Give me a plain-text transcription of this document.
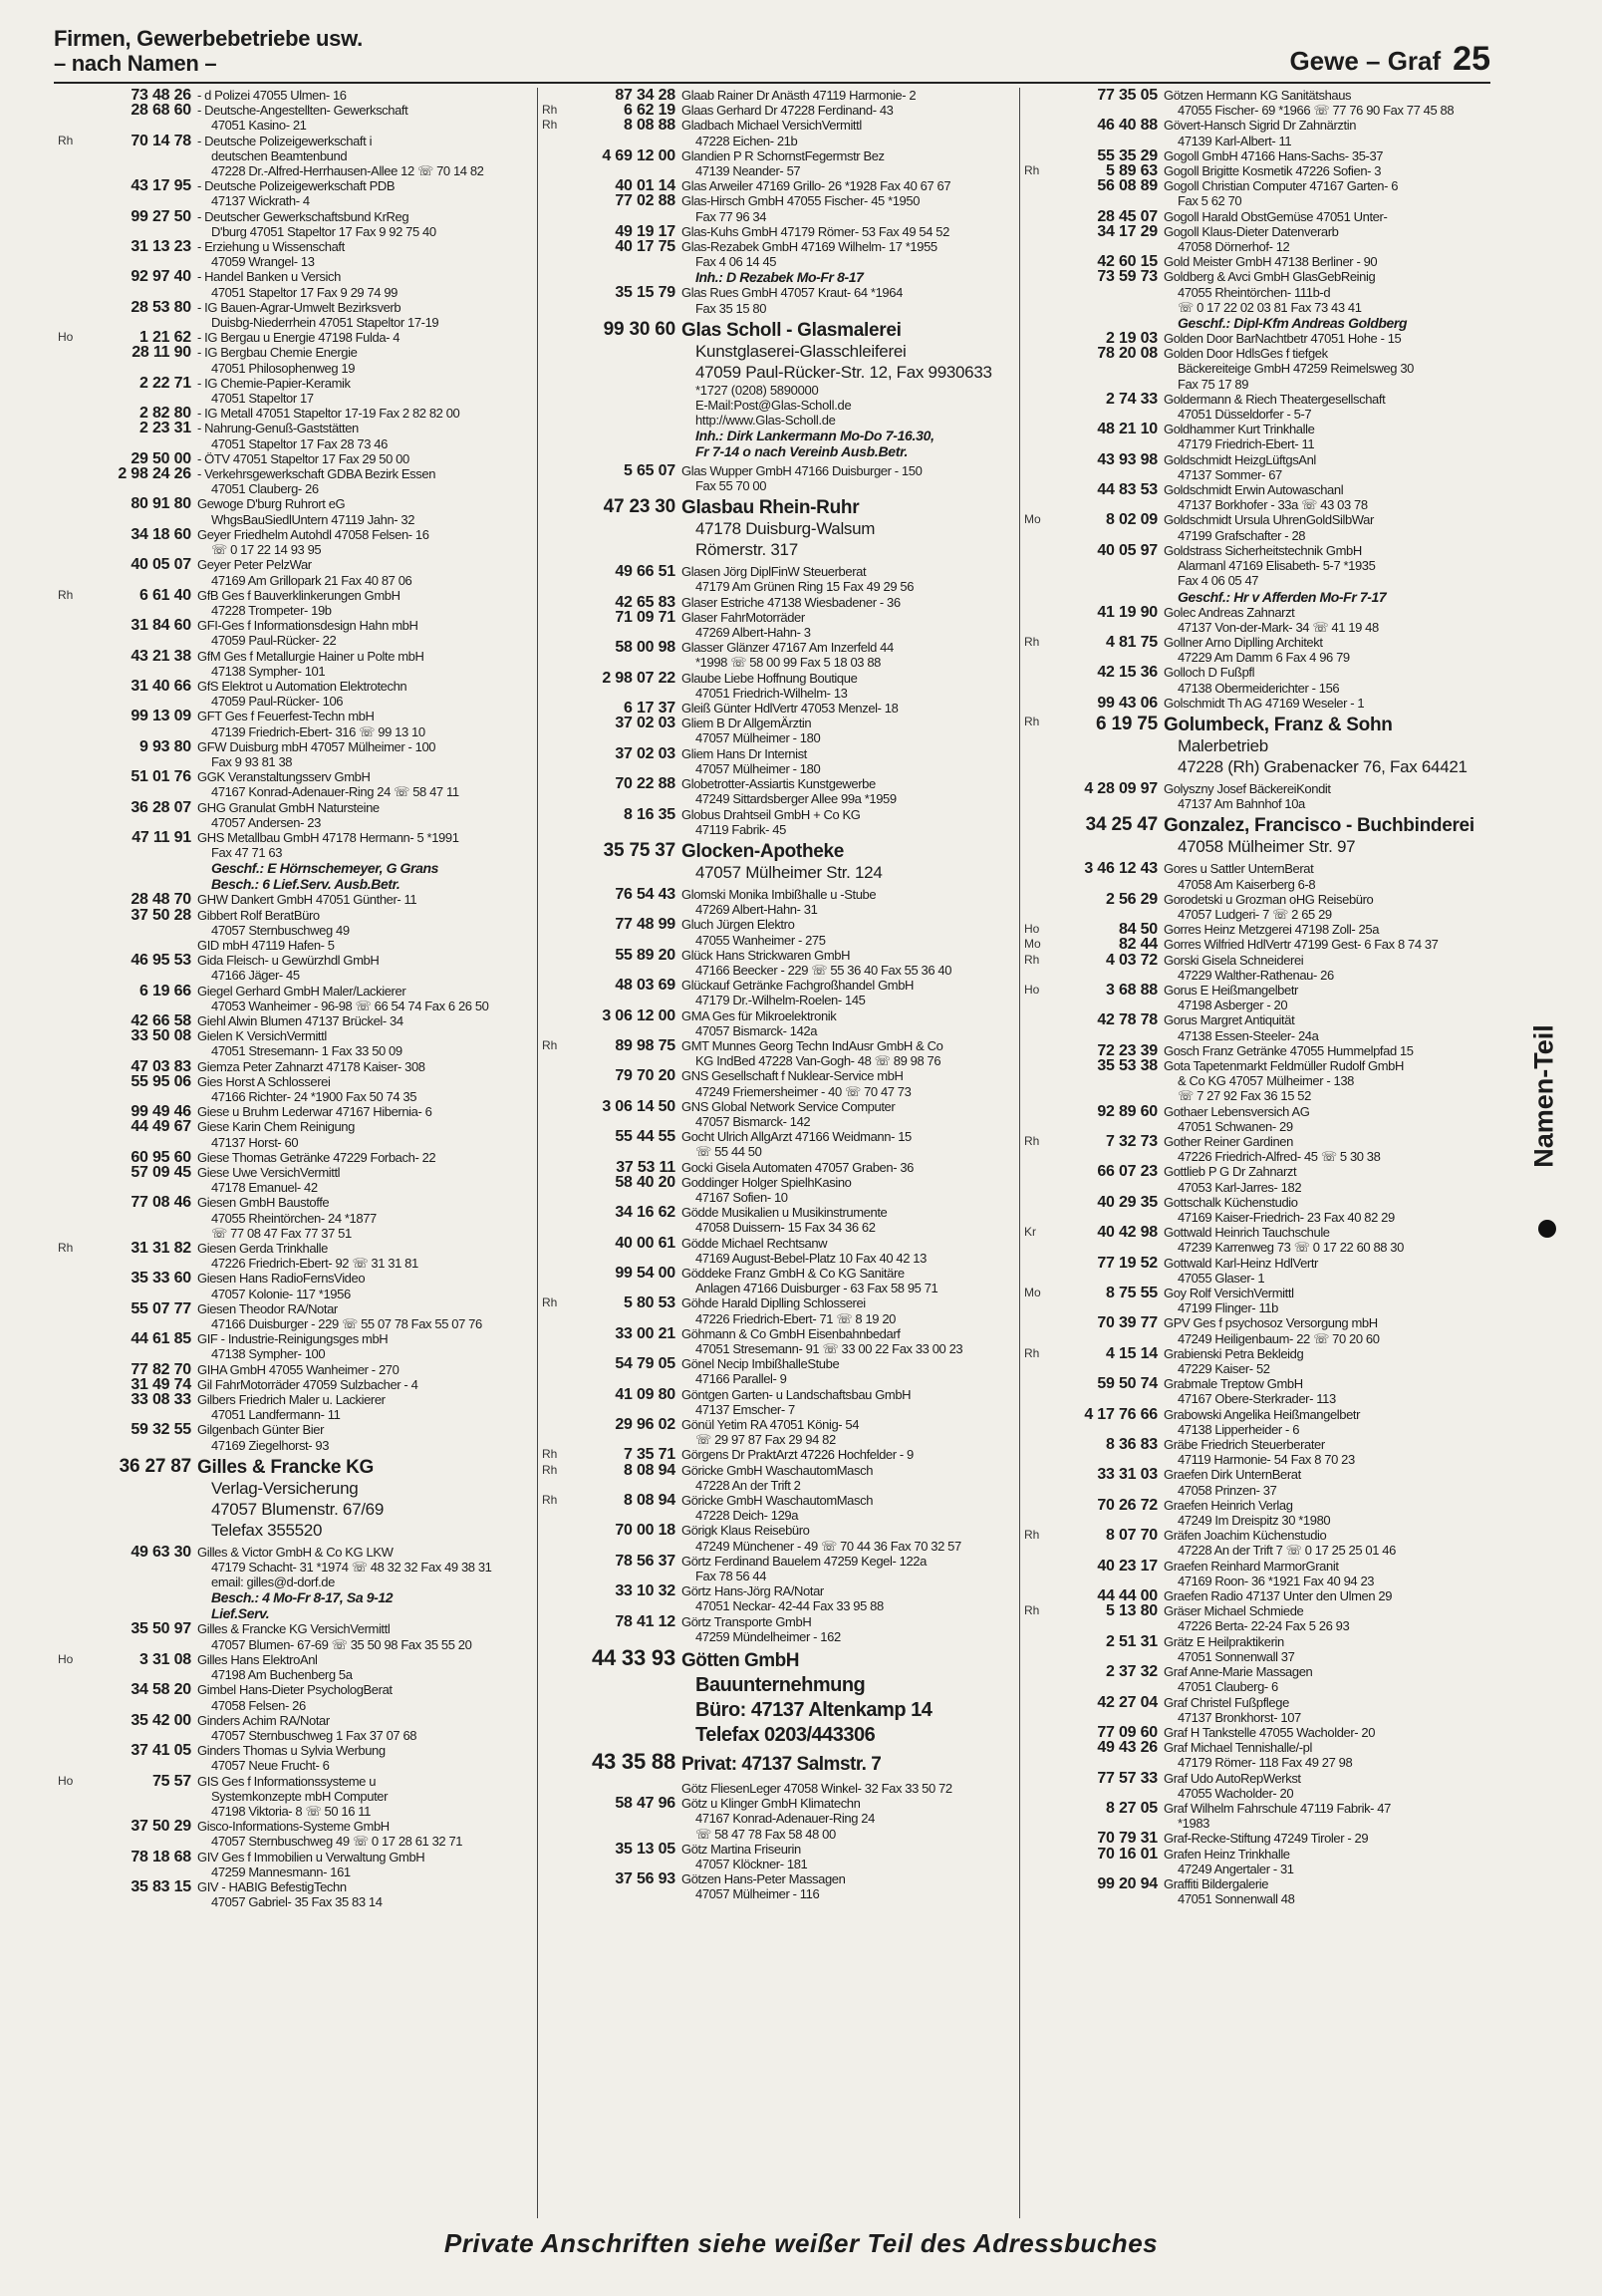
Firmen, Gewerbebetriebe usw.
– nach Namen –	Gewe – Graf 25
73 48 26 - d Polizei 47055 Ulmen- 16
28 68 60 - Deutsche-Angestellten- Gewerkschaft
47051 Kasino- 21
Rh	70 14 78 - Deutsche Polizeigewerkschaft i
deutschen Beamtenbund
47228 Dr.-Alfred-Herrhausen-Allee 12 ☏ 70 14 82
43 17 95 - Deutsche Polizeigewerkschaft PDB
47137 Wickrath- 4
99 27 50 - Deutscher Gewerkschaftsbund KrReg
D'burg 47051 Stapeltor 17 Fax 9 92 75 40
31 13 23 - Erziehung u Wissenschaft
47059 Wrangel- 13
92 97 40 - Handel Banken u Versich
47051 Stapeltor 17 Fax 9 29 74 99
28 53 80 - IG Bauen-Agrar-Umwelt Bezirksverb
Duisbg-Niederrhein 47051 Stapeltor 17-19
Ho	1 21 62 - IG Bergau u Energie 47198 Fulda- 4
28 11 90 - IG Bergbau Chemie Energie
47051 Philosophenweg 19
2 22 71 - IG Chemie-Papier-Keramik
47051 Stapeltor 17
2 82 80 - IG Metall 47051 Stapeltor 17-19 Fax 2 82 82 00
2 23 31 - Nahrung-Genuß-Gaststätten
47051 Stapeltor 17 Fax 28 73 46
29 50 00 - ÖTV 47051 Stapeltor 17 Fax 29 50 00
2 98 24 26 - Verkehrsgewerkschaft GDBA Bezirk Essen
47051 Clauberg- 26
80 91 80 Gewoge D'burg Ruhrort eG
WhgsBauSiedlUntern 47119 Jahn- 32
34 18 60 Geyer Friedhelm Autohdl 47058 Felsen- 16
☏ 0 17 22 14 93 95
40 05 07 Geyer Peter PelzWar
47169 Am Grillopark 21 Fax 40 87 06
Rh	6 61 40 GfB Ges f Bauverklinkerungen GmbH
47228 Trompeter- 19b
31 84 60 GFI-Ges f Informationsdesign Hahn mbH
47059 Paul-Rücker- 22
43 21 38 GfM Ges f Metallurgie Hainer u Polte mbH
47138 Sympher- 101
31 40 66 GfS Elektrot u Automation Elektrotechn
47059 Paul-Rücker- 106
99 13 09 GFT Ges f Feuerfest-Techn mbH
47139 Friedrich-Ebert- 316 ☏ 99 13 10
9 93 80 GFW Duisburg mbH 47057 Mülheimer - 100
Fax 9 93 81 38
51 01 76 GGK Veranstaltungsserv GmbH
47167 Konrad-Adenauer-Ring 24 ☏ 58 47 11
36 28 07 GHG Granulat GmbH Natursteine
47057 Andersen- 23
47 11 91 GHS Metallbau GmbH 47178 Hermann- 5 *1991
Fax 47 71 63
Geschf.: E Hörnschemeyer, G Grans
Besch.: 6 Lief.Serv. Ausb.Betr.
28 48 70 GHW Dankert GmbH 47051 Günther- 11
37 50 28 Gibbert Rolf BeratBüro
47057 Sternbuschweg 49
GID mbH 47119 Hafen- 5
46 95 53 Gida Fleisch- u Gewürzhdl GmbH
47166 Jäger- 45
6 19 66 Giegel Gerhard GmbH Maler/Lackierer
47053 Wanheimer - 96-98 ☏ 66 54 74 Fax 6 26 50
42 66 58 Giehl Alwin Blumen 47137 Brückel- 34
33 50 08 Gielen K VersichVermittl
47051 Stresemann- 1 Fax 33 50 09
47 03 83 Giemza Peter Zahnarzt 47178 Kaiser- 308
55 95 06 Gies Horst A Schlosserei
47166 Richter- 24 *1900 Fax 50 74 35
99 49 46 Giese u Bruhm Lederwar 47167 Hibernia- 6
44 49 67 Giese Karin Chem Reinigung
47137 Horst- 60
60 95 60 Giese Thomas Getränke 47229 Forbach- 22
57 09 45 Giese Uwe VersichVermittl
47178 Emanuel- 42
77 08 46 Giesen GmbH Baustoffe
47055 Rheintörchen- 24 *1877
☏ 77 08 47 Fax 77 37 51
Rh	31 31 82 Giesen Gerda Trinkhalle
47226 Friedrich-Ebert- 92 ☏ 31 31 81
35 33 60 Giesen Hans RadioFernsVideo
47057 Kolonie- 117 *1956
55 07 77 Giesen Theodor RA/Notar
47166 Duisburger - 229 ☏ 55 07 78 Fax 55 07 76
44 61 85 GIF - Industrie-Reinigungsges mbH
47138 Sympher- 100
77 82 70 GIHA GmbH 47055 Wanheimer - 270
31 49 74 Gil FahrMotorräder 47059 Sulzbacher - 4
33 08 33 Gilbers Friedrich Maler u. Lackierer
47051 Landfermann- 11
59 32 55 Gilgenbach Günter Bier
47169 Ziegelhorst- 93
36 27 87 Gilles & Francke KG
Verlag-Versicherung
47057 Blumenstr. 67/69
Telefax 355520
49 63 30 Gilles & Victor GmbH & Co KG LKW
47179 Schacht- 31 *1974 ☏ 48 32 32 Fax 49 38 31
email: gilles@d-dorf.de
Besch.: 4 Mo-Fr 8-17, Sa 9-12
Lief.Serv.
35 50 97 Gilles & Francke KG VersichVermittl
47057 Blumen- 67-69 ☏ 35 50 98 Fax 35 55 20
Ho	3 31 08 Gilles Hans ElektroAnl
47198 Am Buchenberg 5a
34 58 20 Gimbel Hans-Dieter PsychologBerat
47058 Felsen- 26
35 42 00 Ginders Achim RA/Notar
47057 Sternbuschweg 1 Fax 37 07 68
37 41 05 Ginders Thomas u Sylvia Werbung
47057 Neue Frucht- 6
Ho	75 57 GIS Ges f Informationssysteme u
Systemkonzepte mbH Computer
47198 Viktoria- 8 ☏ 50 16 11
37 50 29 Gisco-Informations-Systeme GmbH
47057 Sternbuschweg 49 ☏ 0 17 28 61 32 71
78 18 68 GIV Ges f Immobilien u Verwaltung GmbH
47259 Mannesmann- 161
35 83 15 GIV - HABIG BefestigTechn
47057 Gabriel- 35 Fax 35 83 14
87 34 28 Glaab Rainer Dr Anästh 47119 Harmonie- 2
Rh	6 62 19 Glaas Gerhard Dr 47228 Ferdinand- 43
Rh	8 08 88 Gladbach Michael VersichVermittl
47228 Eichen- 21b
4 69 12 00 Glandien P R SchornstFegermstr Bez
47139 Neander- 57
40 01 14 Glas Arweiler 47169 Grillo- 26 *1928 Fax 40 67 67
77 02 88 Glas-Hirsch GmbH 47055 Fischer- 45 *1950
Fax 77 96 34
49 19 17 Glas-Kuhs GmbH 47179 Römer- 53 Fax 49 54 52
40 17 75 Glas-Rezabek GmbH 47169 Wilhelm- 17 *1955
Fax 4 06 14 45
Inh.: D Rezabek Mo-Fr 8-17
35 15 79 Glas Rues GmbH 47057 Kraut- 64 *1964
Fax 35 15 80
99 30 60 Glas Scholl - Glasmalerei
Kunstglaserei-Glasschleiferei
47059 Paul-Rücker-Str. 12, Fax 9930633
*1727 (0208) 5890000
E-Mail:Post@Glas-Scholl.de
http://www.Glas-Scholl.de
Inh.: Dirk Lankermann Mo-Do 7-16.30,
Fr 7-14 o nach Vereinb Ausb.Betr.
5 65 07 Glas Wupper GmbH 47166 Duisburger - 150
Fax 55 70 00
47 23 30 Glasbau Rhein-Ruhr
47178 Duisburg-Walsum
Römerstr. 317
49 66 51 Glasen Jörg DiplFinW Steuerberat
47179 Am Grünen Ring 15 Fax 49 29 56
42 65 83 Glaser Estriche 47138 Wiesbadener - 36
71 09 71 Glaser FahrMotorräder
47269 Albert-Hahn- 3
58 00 98 Glasser Glänzer 47167 Am Inzerfeld 44
*1998 ☏ 58 00 99 Fax 5 18 03 88
2 98 07 22 Glaube Liebe Hoffnung Boutique
47051 Friedrich-Wilhelm- 13
6 17 37 Gleiß Günter HdlVertr 47053 Menzel- 18
37 02 03 Gliem B Dr AllgemÄrztin
47057 Mülheimer - 180
37 02 03 Gliem Hans Dr Internist
47057 Mülheimer - 180
70 22 88 Globetrotter-Assiartis Kunstgewerbe
47249 Sittardsberger Allee 99a *1959
8 16 35 Globus Drahtseil GmbH + Co KG
47119 Fabrik- 45
35 75 37 Glocken-Apotheke
47057 Mülheimer Str. 124
76 54 43 Glomski Monika Imbißhalle u -Stube
47269 Albert-Hahn- 31
77 48 99 Gluch Jürgen Elektro
47055 Wanheimer - 275
55 89 20 Glück Hans Strickwaren GmbH
47166 Beecker - 229 ☏ 55 36 40 Fax 55 36 40
48 03 69 Glückauf Getränke Fachgroßhandel GmbH
47179 Dr.-Wilhelm-Roelen- 145
3 06 12 00 GMA Ges für Mikroelektronik
47057 Bismarck- 142a
Rh	89 98 75 GMT Munnes Georg Techn IndAusr GmbH & Co
KG IndBed 47228 Van-Gogh- 48 ☏ 89 98 76
79 70 20 GNS Gesellschaft f Nuklear-Service mbH
47249 Friemersheimer - 40 ☏ 70 47 73
3 06 14 50 GNS Global Network Service Computer
47057 Bismarck- 142
55 44 55 Gocht Ulrich AllgArzt 47166 Weidmann- 15
☏ 55 44 50
37 53 11 Gocki Gisela Automaten 47057 Graben- 36
58 40 20 Goddinger Holger SpielhKasino
47167 Sofien- 10
34 16 62 Gödde Musikalien u Musikinstrumente
47058 Duissern- 15 Fax 34 36 62
40 00 61 Gödde Michael Rechtsanw
47169 August-Bebel-Platz 10 Fax 40 42 13
99 54 00 Göddeke Franz GmbH & Co KG Sanitäre
Anlagen 47166 Duisburger - 63 Fax 58 95 71
Rh	5 80 53 Göhde Harald Diplling Schlosserei
47226 Friedrich-Ebert- 71 ☏ 8 19 20
33 00 21 Göhmann & Co GmbH Eisenbahnbedarf
47051 Stresemann- 91 ☏ 33 00 22 Fax 33 00 23
54 79 05 Gönel Necip ImbißhalleStube
47166 Parallel- 9
41 09 80 Göntgen Garten- u Landschaftsbau GmbH
47137 Emscher- 7
29 96 02 Gönül Yetim RA 47051 König- 54
☏ 29 97 87 Fax 29 94 82
Rh	7 35 71 Görgens Dr PraktArzt 47226 Hochfelder - 9
Rh	8 08 94 Göricke GmbH WaschautomMasch
47228 An der Trift 2
Rh	8 08 94 Göricke GmbH WaschautomMasch
47228 Deich- 129a
70 00 18 Görigk Klaus Reisebüro
47249 Münchener - 49 ☏ 70 44 36 Fax 70 32 57
78 56 37 Görtz Ferdinand Bauelem 47259 Kegel- 122a
Fax 78 56 44
33 10 32 Görtz Hans-Jörg RA/Notar
47051 Neckar- 42-44 Fax 33 95 88
78 41 12 Görtz Transporte GmbH
47259 Mündelheimer - 162
44 33 93 Götten GmbH
Bauunternehmung
Büro: 47137 Altenkamp 14
Telefax 0203/443306
43 35 88 Privat: 47137 Salmstr. 7
Götz FliesenLeger 47058 Winkel- 32 Fax 33 50 72
58 47 96 Götz u Klinger GmbH Klimatechn
47167 Konrad-Adenauer-Ring 24
☏ 58 47 78 Fax 58 48 00
35 13 05 Götz Martina Friseurin
47057 Klöckner- 181
37 56 93 Götzen Hans-Peter Massagen
47057 Mülheimer - 116
77 35 05 Götzen Hermann KG Sanitätshaus
47055 Fischer- 69 *1966 ☏ 77 76 90 Fax 77 45 88
46 40 88 Gövert-Hansch Sigrid Dr Zahnärztin
47139 Karl-Albert- 11
55 35 29 Gogoll GmbH 47166 Hans-Sachs- 35-37
Rh	5 89 63 Gogoll Brigitte Kosmetik 47226 Sofien- 3
56 08 89 Gogoll Christian Computer 47167 Garten- 6
Fax 5 62 70
28 45 07 Gogoll Harald ObstGemüse 47051 Unter-
34 17 29 Gogoll Klaus-Dieter Datenverarb
47058 Dörnerhof- 12
42 60 15 Gold Meister GmbH 47138 Berliner - 90
73 59 73 Goldberg & Avci GmbH GlasGebReinig
47055 Rheintörchen- 111b-d
☏ 0 17 22 02 03 81 Fax 73 43 41
Geschf.: Dipl-Kfm Andreas Goldberg
2 19 03 Golden Door BarNachtbetr 47051 Hohe - 15
78 20 08 Golden Door HdlsGes f tiefgek
Bäckereiteige GmbH 47259 Reimelsweg 30
Fax 75 17 89
2 74 33 Goldermann & Riech Theatergesellschaft
47051 Düsseldorfer - 5-7
48 21 10 Goldhammer Kurt Trinkhalle
47179 Friedrich-Ebert- 11
43 93 98 Goldschmidt HeizgLüftgsAnl
47137 Sommer- 67
44 83 53 Goldschmidt Erwin Autowaschanl
47137 Borkhofer - 33a ☏ 43 03 78
Mo	8 02 09 Goldschmidt Ursula UhrenGoldSilbWar
47199 Grafschafter - 28
40 05 97 Goldstrass Sicherheitstechnik GmbH
Alarmanl 47169 Elisabeth- 5-7 *1935
Fax 4 06 05 47
Geschf.: Hr v Afferden Mo-Fr 7-17
41 19 90 Golec Andreas Zahnarzt
47137 Von-der-Mark- 34 ☏ 41 19 48
Rh	4 81 75 Gollner Arno Diplling Architekt
47229 Am Damm 6 Fax 4 96 79
42 15 36 Golloch D Fußpfl
47138 Obermeiderichter - 156
99 43 06 Golschmidt Th AG 47169 Weseler - 1
Rh	6 19 75 Golumbeck, Franz & Sohn
Malerbetrieb
47228 (Rh) Grabenacker 76, Fax 64421
4 28 09 97 Golyszny Josef BäckereiKondit
47137 Am Bahnhof 10a
34 25 47 Gonzalez, Francisco - Buchbinderei
47058 Mülheimer Str. 97
3 46 12 43 Gores u Sattler UnternBerat
47058 Am Kaiserberg 6-8
2 56 29 Gorodetski u Grozman oHG Reisebüro
47057 Ludgeri- 7 ☏ 2 65 29
Ho	84 50 Gorres Heinz Metzgerei 47198 Zoll- 25a
Mo	82 44 Gorres Wilfried HdlVertr 47199 Gest- 6 Fax 8 74 37
Rh	4 03 72 Gorski Gisela Schneiderei
47229 Walther-Rathenau- 26
Ho	3 68 88 Gorus E Heißmangelbetr
47198 Asberger - 20
42 78 78 Gorus Margret Antiquität
47138 Essen-Steeler- 24a
72 23 39 Gosch Franz Getränke 47055 Hummelpfad 15
35 53 38 Gota Tapetenmarkt Feldmüller Rudolf GmbH
& Co KG 47057 Mülheimer - 138
☏ 7 27 92 Fax 36 15 52
92 89 60 Gothaer Lebensversich AG
47051 Schwanen- 29
Rh	7 32 73 Gother Reiner Gardinen
47226 Friedrich-Alfred- 45 ☏ 5 30 38
66 07 23 Gottlieb P G Dr Zahnarzt
47053 Karl-Jarres- 182
40 29 35 Gottschalk Küchenstudio
47169 Kaiser-Friedrich- 23 Fax 40 82 29
Kr	40 42 98 Gottwald Heinrich Tauchschule
47239 Karrenweg 73 ☏ 0 17 22 60 88 30
77 19 52 Gottwald Karl-Heinz HdlVertr
47055 Glaser- 1
Mo	8 75 55 Goy Rolf VersichVermittl
47199 Flinger- 11b
70 39 77 GPV Ges f psychosoz Versorgung mbH
47249 Heiligenbaum- 22 ☏ 70 20 60
Rh	4 15 14 Grabienski Petra Bekleidg
47229 Kaiser- 52
59 50 74 Grabmale Treptow GmbH
47167 Obere-Sterkrader- 113
4 17 76 66 Grabowski Angelika Heißmangelbetr
47138 Lipperheider - 6
8 36 83 Gräbe Friedrich Steuerberater
47119 Harmonie- 54 Fax 8 70 23
33 31 03 Graefen Dirk UnternBerat
47058 Prinzen- 37
70 26 72 Graefen Heinrich Verlag
47249 Im Dreispitz 30 *1980
Rh	8 07 70 Gräfen Joachim Küchenstudio
47228 An der Trift 7 ☏ 0 17 25 25 01 46
40 23 17 Graefen Reinhard MarmorGranit
47169 Roon- 36 *1921 Fax 40 94 23
44 44 00 Graefen Radio 47137 Unter den Ulmen 29
Rh	5 13 80 Gräser Michael Schmiede
47226 Berta- 22-24 Fax 5 26 93
2 51 31 Grätz E Heilpraktikerin
47051 Sonnenwall 37
2 37 32 Graf Anne-Marie Massagen
47051 Clauberg- 6
42 27 04 Graf Christel Fußpflege
47137 Bronkhorst- 107
77 09 60 Graf H Tankstelle 47055 Wacholder- 20
49 43 26 Graf Michael Tennishalle/-pl
47179 Römer- 118 Fax 49 27 98
77 57 33 Graf Udo AutoRepWerkst
47055 Wacholder- 20
8 27 05 Graf Wilhelm Fahrschule 47119 Fabrik- 47
*1983
70 79 31 Graf-Recke-Stiftung 47249 Tiroler - 29
70 16 01 Grafen Heinz Trinkhalle
47249 Angertaler - 31
99 20 94 Graffiti Bildergalerie
47051 Sonnenwall 48
Namen-Teil
Private Anschriften siehe weißer Teil des Adressbuches
